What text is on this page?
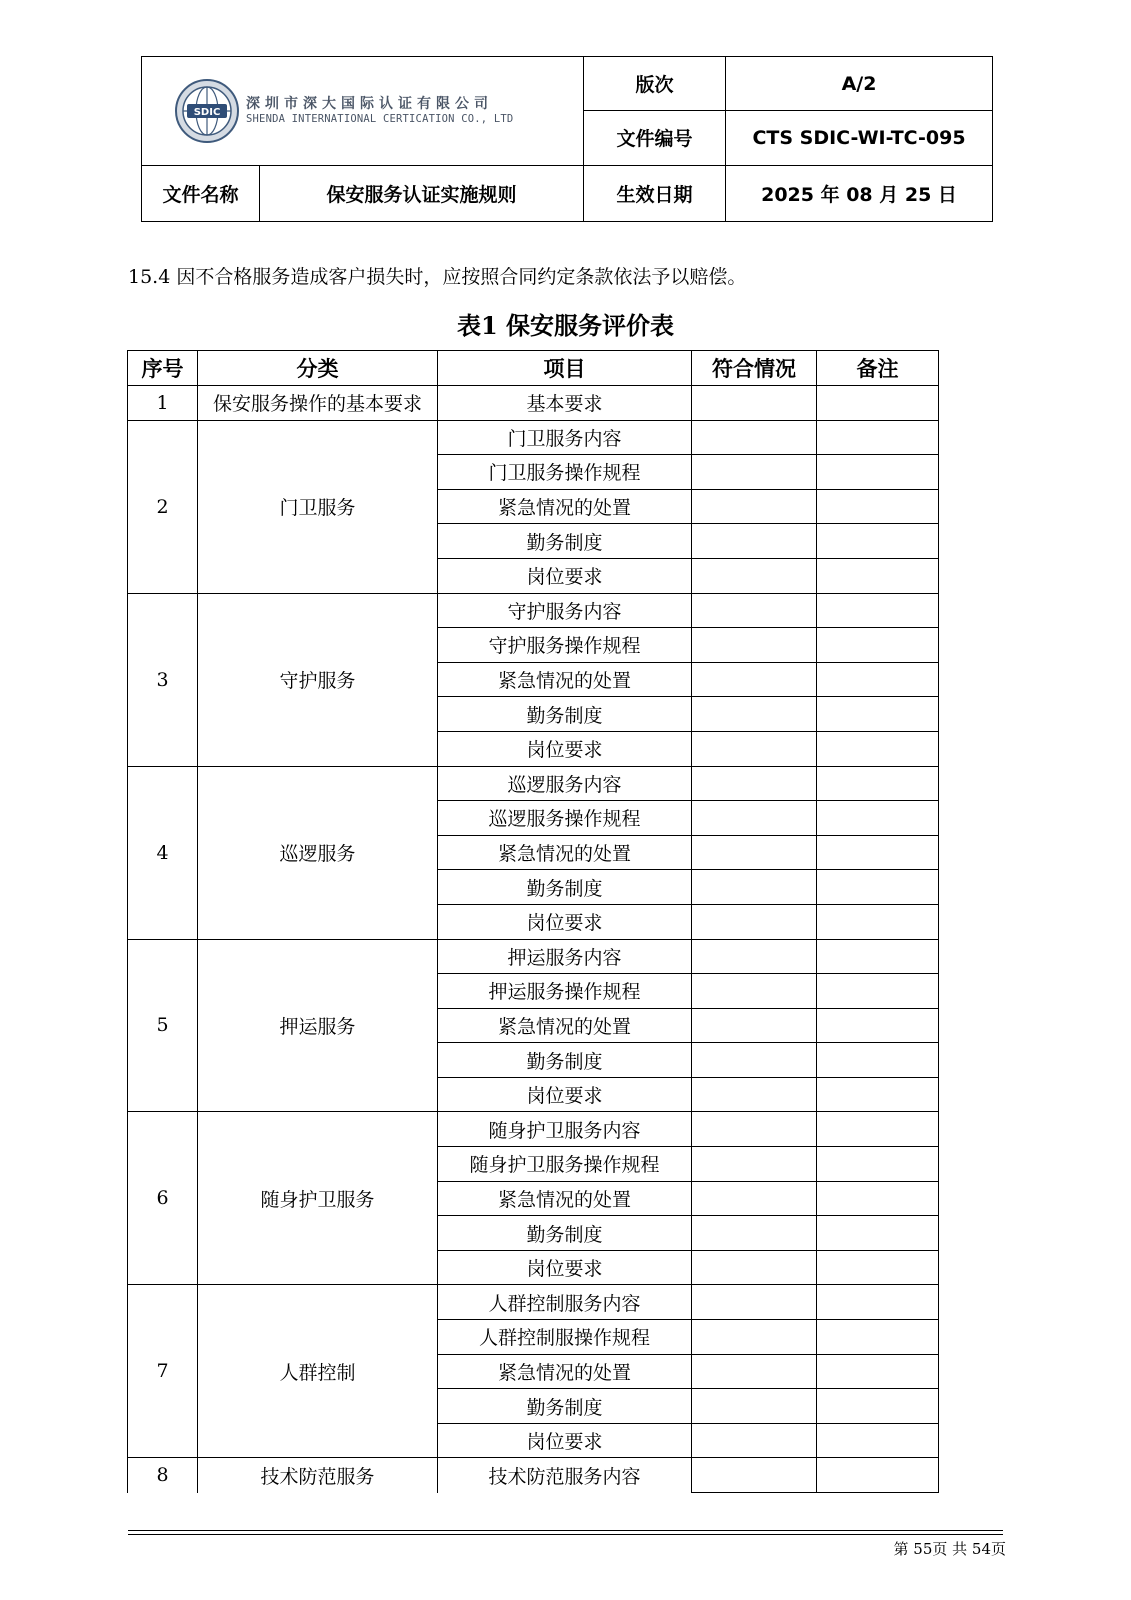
SDIC
深圳市深大国际认证有限公司
SHENDA INTERNATIONAL CERTICATION CO., LTD		版次	A/2
		文件编号	CTS SDIC-WI-TC-095
文件名称	保安服务认证实施规则	生效日期	2025 年 08 月 25 日
15.4 因不合格服务造成客户损失时，应按照合同约定条款依法予以赔偿。
表1 保安服务评价表
序号	分类	项目	符合情况	备注
1	保安服务操作的基本要求	基本要求		
2	门卫服务	门卫服务内容		
		门卫服务操作规程		
		紧急情况的处置		
		勤务制度		
		岗位要求		
3	守护服务	守护服务内容		
		守护服务操作规程		
		紧急情况的处置		
		勤务制度		
		岗位要求		
4	巡逻服务	巡逻服务内容		
		巡逻服务操作规程		
		紧急情况的处置		
		勤务制度		
		岗位要求		
5	押运服务	押运服务内容		
		押运服务操作规程		
		紧急情况的处置		
		勤务制度		
		岗位要求		
6	随身护卫服务	随身护卫服务内容		
		随身护卫服务操作规程		
		紧急情况的处置		
		勤务制度		
		岗位要求		
7	人群控制	人群控制服务内容		
		人群控制服操作规程		
		紧急情况的处置		
		勤务制度		
		岗位要求		
8	技术防范服务	技术防范服务内容		
第 55页 共 54页
